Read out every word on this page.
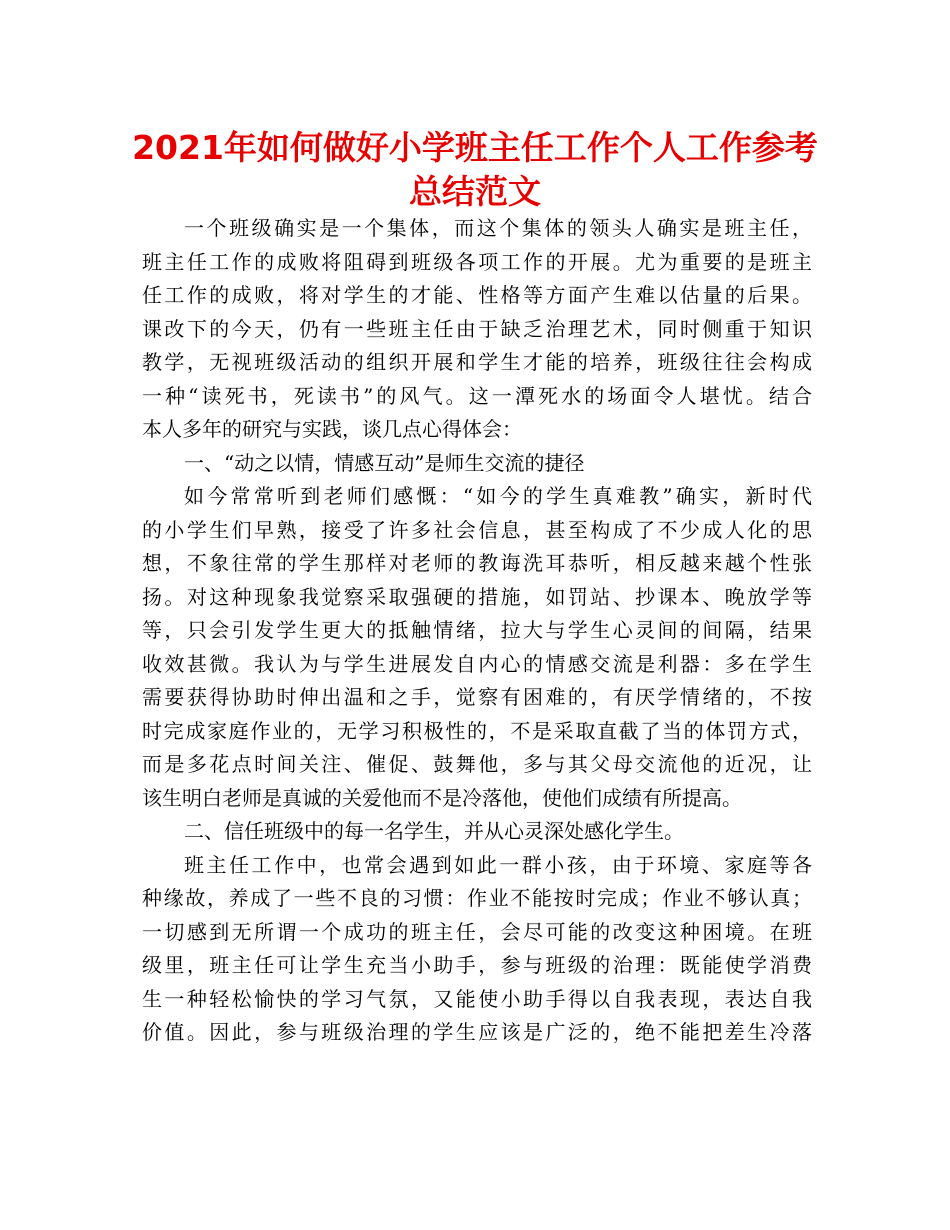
2021年如何做好小学班主任工作个人工作参考
总结范文
一个班级确实是一个集体，而这个集体的领头人确实是班主任，
班主任工作的成败将阻碍到班级各项工作的开展。尤为重要的是班主
任工作的成败，将对学生的才能、性格等方面产生难以估量的后果。
课改下的今天，仍有一些班主任由于缺乏治理艺术，同时侧重于知识
教学，无视班级活动的组织开展和学生才能的培养，班级往往会构成
一种“读死书，死读书”的风气。这一潭死水的场面令人堪忧。结合
本人多年的研究与实践，谈几点心得体会：
一、“动之以情，情感互动”是师生交流的捷径
如今常常听到老师们感慨：“如今的学生真难教”确实，新时代
的小学生们早熟，接受了许多社会信息，甚至构成了不少成人化的思
想，不象往常的学生那样对老师的教诲洗耳恭听，相反越来越个性张
扬。对这种现象我觉察采取强硬的措施，如罚站、抄课本、晚放学等
等，只会引发学生更大的抵触情绪，拉大与学生心灵间的间隔，结果
收效甚微。我认为与学生进展发自内心的情感交流是利器：多在学生
需要获得协助时伸出温和之手，觉察有困难的，有厌学情绪的，不按
时完成家庭作业的，无学习积极性的，不是采取直截了当的体罚方式，
而是多花点时间关注、催促、鼓舞他，多与其父母交流他的近况，让
该生明白老师是真诚的关爱他而不是冷落他，使他们成绩有所提高。
二、信任班级中的每一名学生，并从心灵深处感化学生。
班主任工作中，也常会遇到如此一群小孩，由于环境、家庭等各
种缘故，养成了一些不良的习惯：作业不能按时完成；作业不够认真；
一切感到无所谓一个成功的班主任，会尽可能的改变这种困境。在班
级里，班主任可让学生充当小助手，参与班级的治理：既能使学消费
生一种轻松愉快的学习气氛，又能使小助手得以自我表现，表达自我
价值。因此，参与班级治理的学生应该是广泛的，绝不能把差生冷落
